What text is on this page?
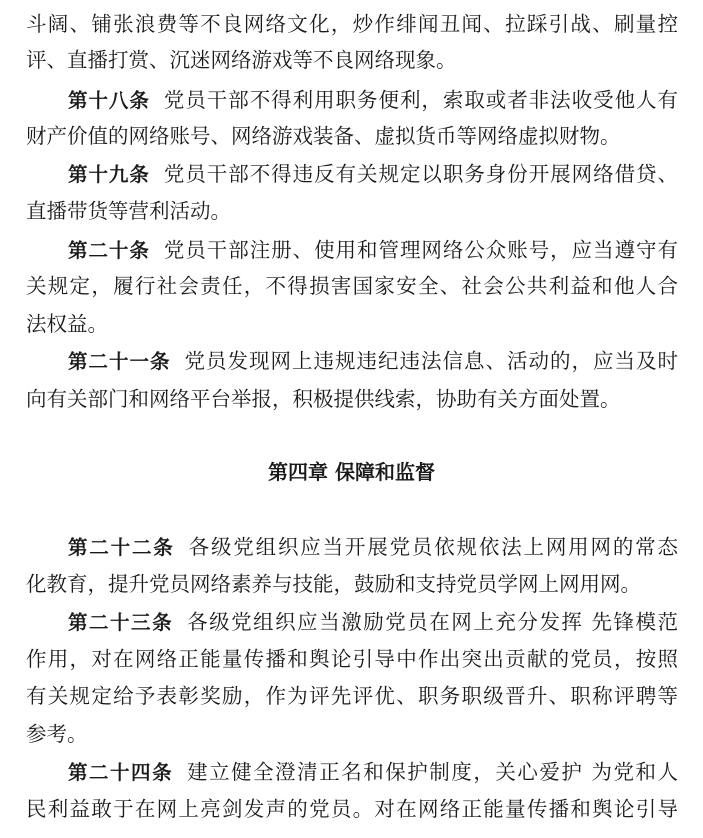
斗阔、铺张浪费等不良网络文化，炒作绯闻丑闻、拉踩引战、刷量控
评、直播打赏、沉迷网络游戏等不良网络现象。
第十八条 党员干部不得利用职务便利，索取或者非法收受他人有
财产价值的网络账号、网络游戏装备、虚拟货币等网络虚拟财物。
第十九条 党员干部不得违反有关规定以职务身份开展网络借贷、
直播带货等营利活动。
第二十条 党员干部注册、使用和管理网络公众账号，应当遵守有
关规定，履行社会责任，不得损害国家安全、社会公共利益和他人合
法权益。
第二十一条 党员发现网上违规违纪违法信息、活动的，应当及时
向有关部门和网络平台举报，积极提供线索，协助有关方面处置。
第四章 保障和监督
第二十二条 各级党组织应当开展党员依规依法上网用网的常态
化教育，提升党员网络素养与技能，鼓励和支持党员学网上网用网。
第二十三条 各级党组织应当激励党员在网上充分发挥 先锋模范
作用，对在网络正能量传播和舆论引导中作出突出贡献的党员，按照
有关规定给予表彰奖励，作为评先评优、职务职级晋升、职称评聘等
参考。
第二十四条 建立健全澄清正名和保护制度，关心爱护 为党和人
民利益敢于在网上亮剑发声的党员。对在网络正能量传播和舆论引导
